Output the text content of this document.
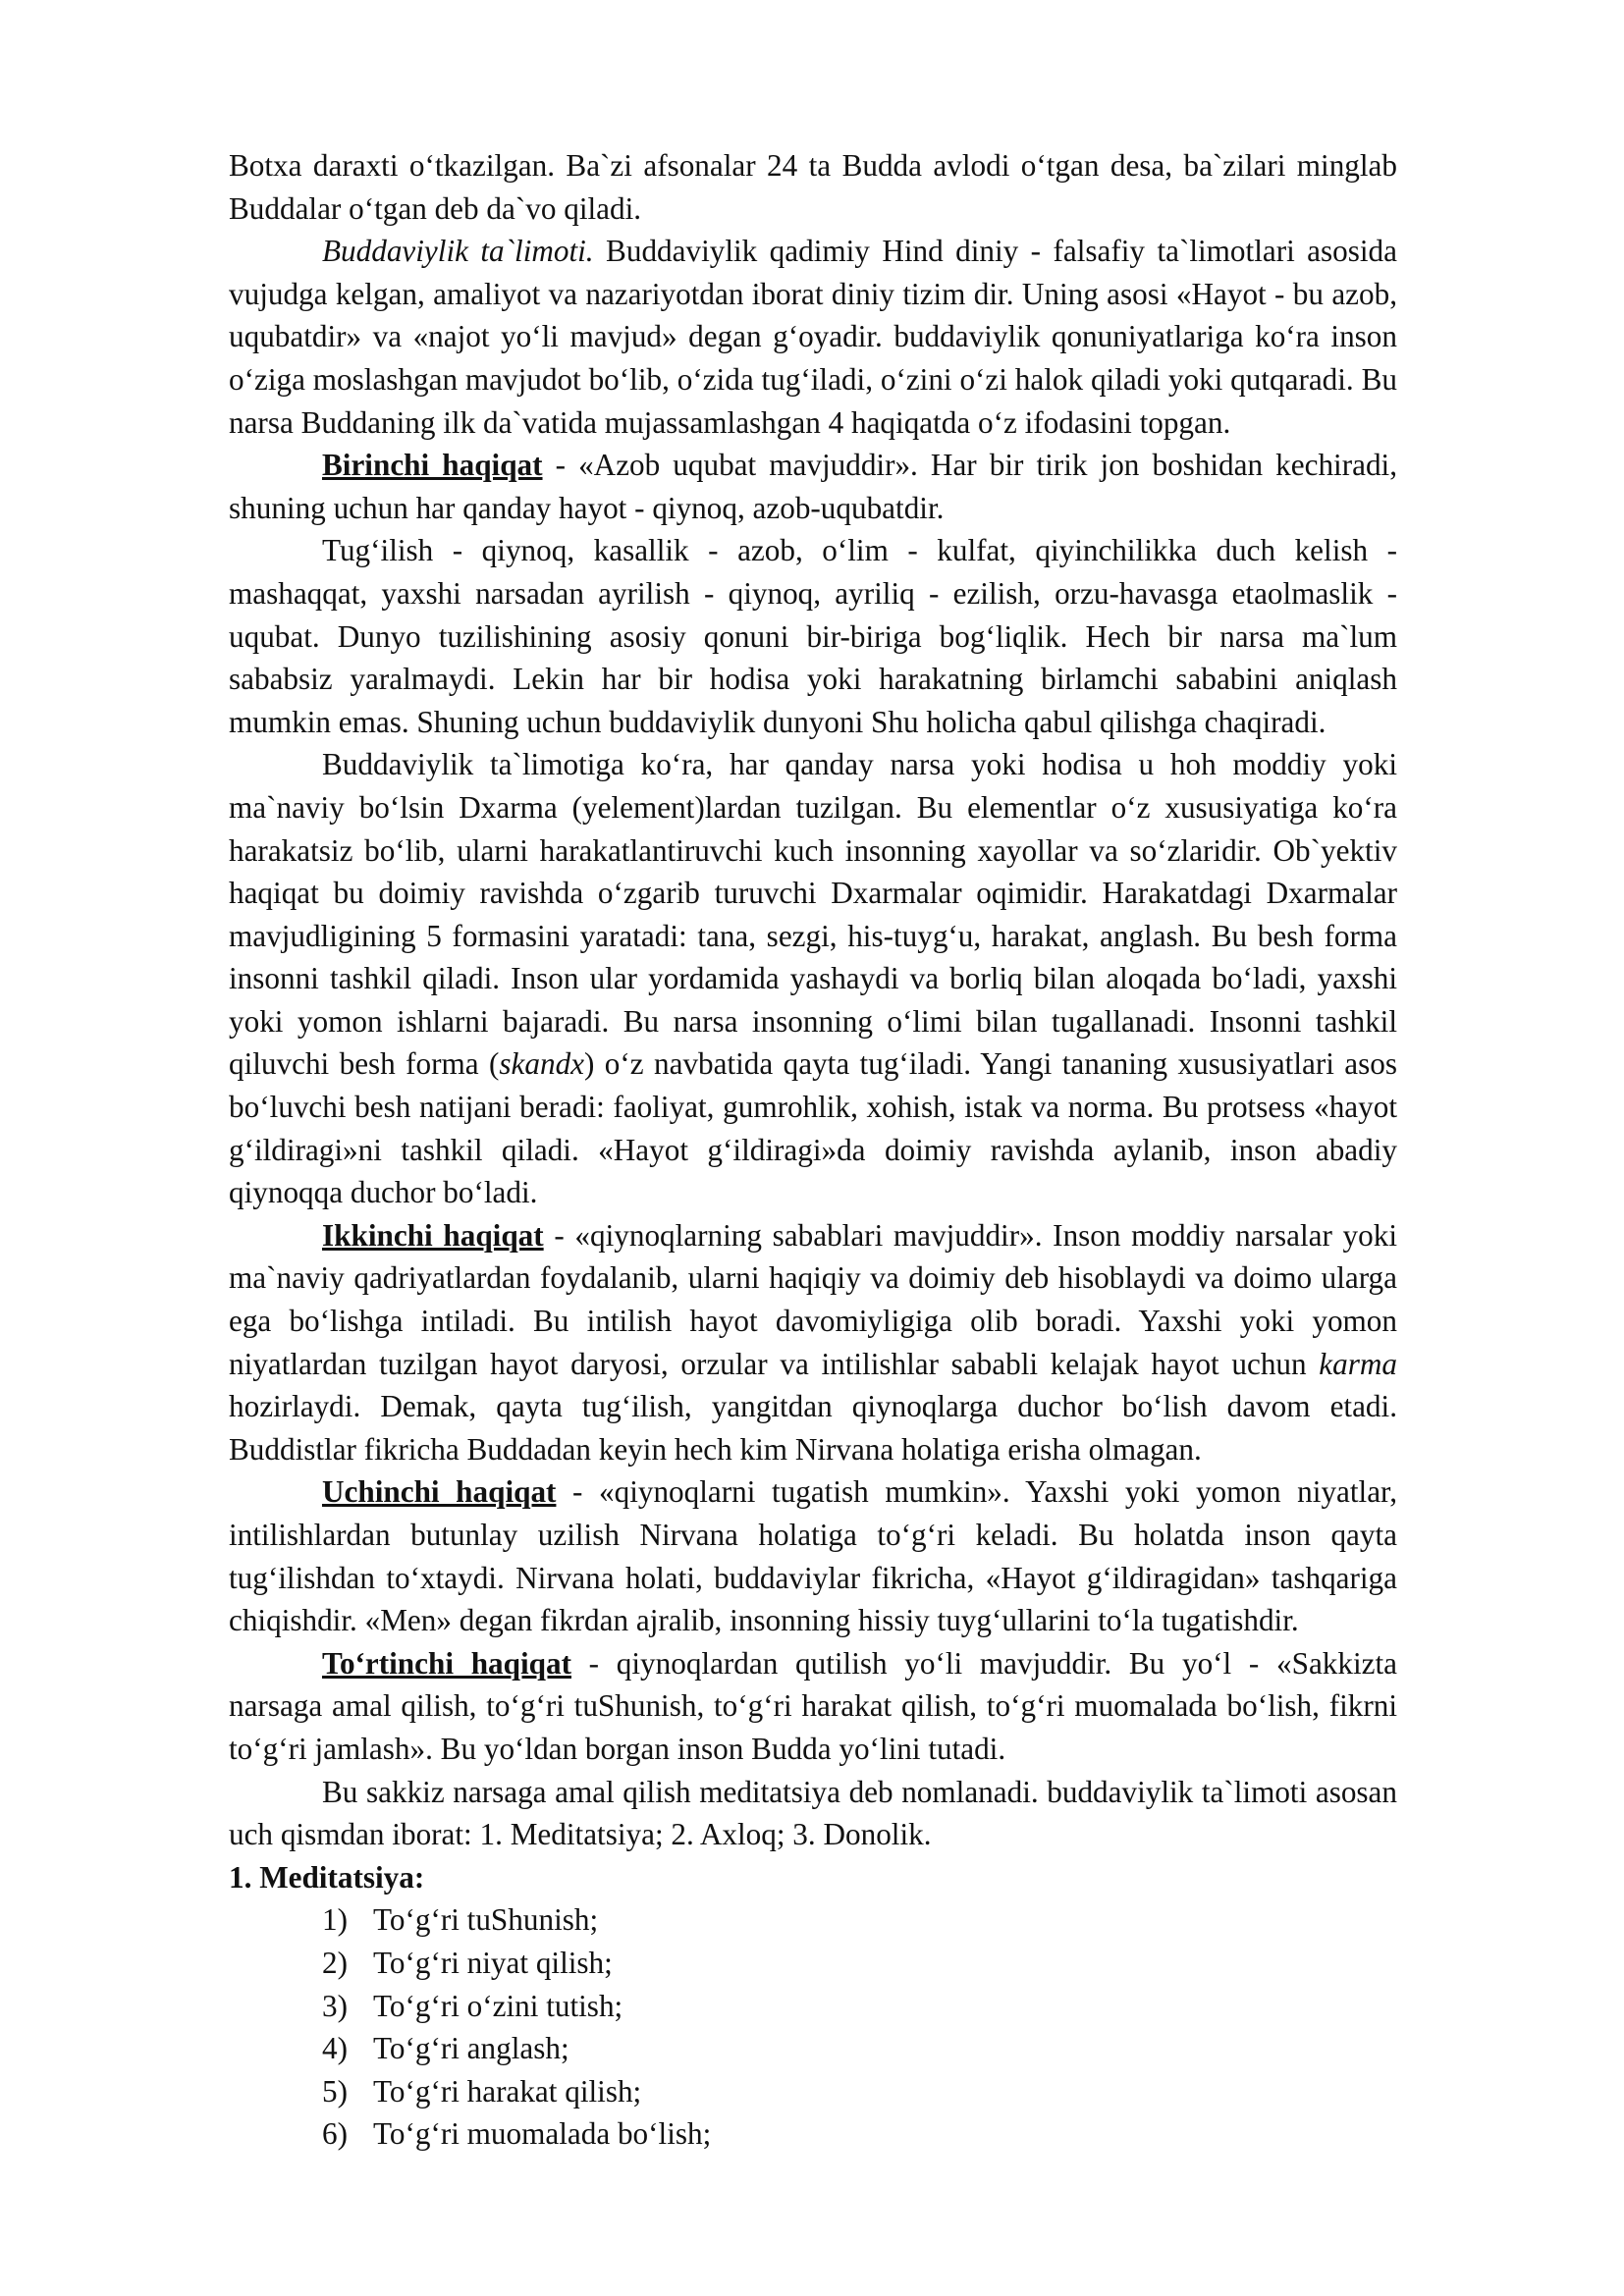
Botxa daraxti o‘tkazilgan. Ba`zi afsonalar 24 ta Budda avlodi o‘tgan desa, ba`zilari minglab Buddalar o‘tgan deb da`vo qiladi.

Buddaviylik ta`limoti. Buddaviylik qadimiy Hind diniy - falsafiy ta`limotlari asosida vujudga kelgan, amaliyot va nazariyotdan iborat diniy tizim dir. Uning asosi «Hayot - bu azob, uqubatdir» va «najot yo‘li mavjud» degan g‘oyadir. buddaviylik qonuniyatlariga ko‘ra inson o‘ziga moslashgan mavjudot bo‘lib, o‘zida tug‘iladi, o‘zini o‘zi halok qiladi yoki qutqaradi. Bu narsa Buddaning ilk da`vatida mujassamlashgan 4 haqiqatda o‘z ifodasini topgan.

Birinchi haqiqat - «Azob uqubat mavjuddir». Har bir tirik jon boshidan kechiradi, shuning uchun har qanday hayot - qiynoq, azob-uqubatdir.

Tug‘ilish - qiynoq, kasallik - azob, o‘lim - kulfat, qiyinchilikka duch kelish - mashaqqat, yaxshi narsadan ayrilish - qiynoq, ayriliq - ezilish, orzu-havasga etaolmaslik - uqubat. Dunyo tuzilishining asosiy qonuni bir-biriga bog‘liqlik. Hech bir narsa ma`lum sababsiz yaralmaydi. Lekin har bir hodisa yoki harakatning birlamchi sababini aniqlash mumkin emas. Shuning uchun buddaviylik dunyoni Shu holicha qabul qilishga chaqiradi.

Buddaviylik ta`limotiga ko‘ra, har qanday narsa yoki hodisa u hoh moddiy yoki ma`naviy bo‘lsin Dxarma (yelement)lardan tuzilgan. Bu elementlar o‘z xususiyatiga ko‘ra harakatsiz bo‘lib, ularni harakatlantiruvchi kuch insonning xayollar va so‘zlaridir. Ob`yektiv haqiqat bu doimiy ravishda o‘zgarib turuvchi Dxarmalar oqimidir. Harakatdagi Dxarmalar mavjudligining 5 formasini yaratadi: tana, sezgi, his-tuyg‘u, harakat, anglash. Bu besh forma insonni tashkil qiladi. Inson ular yordamida yashaydi va borliq bilan aloqada bo‘ladi, yaxshi yoki yomon ishlarni bajaradi. Bu narsa insonning o‘limi bilan tugallanadi. Insonni tashkil qiluvchi besh forma (skandx) o‘z navbatida qayta tug‘iladi. Yangi tananing xususiyatlari asos bo‘luvchi besh natijani beradi: faoliyat, gumrohlik, xohish, istak va norma. Bu protsess «hayot g‘ildiragi»ni tashkil qiladi. «Hayot g‘ildiragi»da doimiy ravishda aylanib, inson abadiy qiynoqqa duchor bo‘ladi.

Ikkinchi haqiqat - «qiynoqlarning sabablari mavjuddir». Inson moddiy narsalar yoki ma`naviy qadriyatlardan foydalanib, ularni haqiqiy va doimiy deb hisoblaydi va doimo ularga ega bo‘lishga intiladi. Bu intilish hayot davomiyligiga olib boradi. Yaxshi yoki yomon niyatlardan tuzilgan hayot daryosi, orzular va intilishlar sababli kelajak hayot uchun karma hozirlaydi. Demak, qayta tug‘ilish, yangitdan qiynoqlarga duchor bo‘lish davom etadi. Buddistlar fikricha Buddadan keyin hech kim Nirvana holatiga erisha olmagan.

Uchinchi haqiqat - «qiynoqlarni tugatish mumkin». Yaxshi yoki yomon niyatlar, intilishlardan butunlay uzilish Nirvana holatiga to‘g‘ri keladi. Bu holatda inson qayta tug‘ilishdan to‘xtaydi. Nirvana holati, buddaviylar fikricha, «Hayot g‘ildiragidan» tashqariga chiqishdir. «Men» degan fikrdan ajralib, insonning hissiy tuyg‘ullarini to‘la tugatishdir.

To‘rtinchi haqiqat - qiynoqlardan qutilish yo‘li mavjuddir. Bu yo‘l - «Sakkizta narsaga amal qilish, to‘g‘ri tuShunish, to‘g‘ri harakat qilish, to‘g‘ri muomalada bo‘lish, fikrni to‘g‘ri jamlash». Bu yo‘ldan borgan inson Budda yo‘lini tutadi.

Bu sakkiz narsaga amal qilish meditatsiya deb nomlanadi. buddaviylik ta`limoti asosan uch qismdan iborat: 1. Meditatsiya; 2. Axloq; 3. Donolik.

1. Meditatsiya:

1) To‘g‘ri tuShunish;
2) To‘g‘ri niyat qilish;
3) To‘g‘ri o‘zini tutish;
4) To‘g‘ri anglash;
5) To‘g‘ri harakat qilish;
6) To‘g‘ri muomalada bo‘lish;
